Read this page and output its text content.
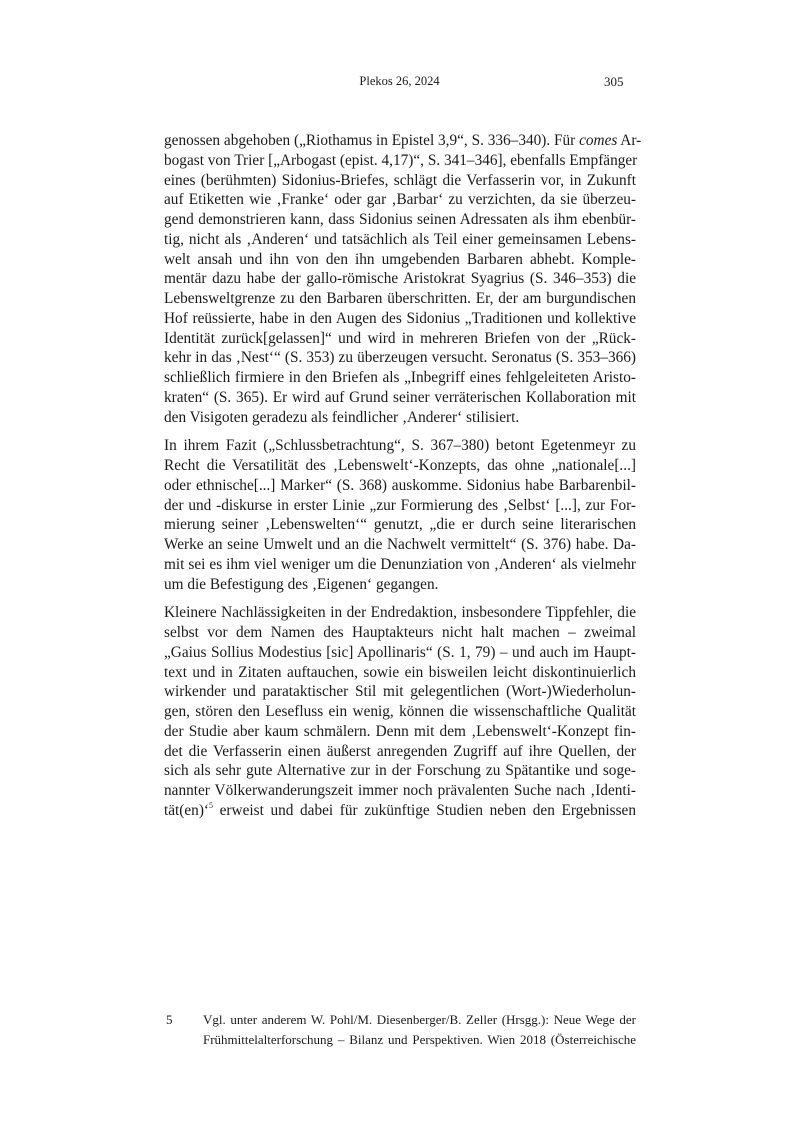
Plekos 26, 2024	305
genossen abgehoben („Riothamus in Epistel 3,9“, S. 336–340). Für comes Ar-
bogast von Trier [„Arbogast (epist. 4,17)“, S. 341–346], ebenfalls Empfänger
eines (berühmten) Sidonius-Briefes, schlägt die Verfasserin vor, in Zukunft
auf Etiketten wie ‚Franke‘ oder gar ‚Barbar‘ zu verzichten, da sie überzeu-
gend demonstrieren kann, dass Sidonius seinen Adressaten als ihm ebenbür-
tig, nicht als ‚Anderen‘ und tatsächlich als Teil einer gemeinsamen Lebens-
welt ansah und ihn von den ihn umgebenden Barbaren abhebt. Komple-
mentär dazu habe der gallo-römische Aristokrat Syagrius (S. 346–353) die
Lebensweltgrenze zu den Barbaren überschritten. Er, der am burgundischen
Hof reüssierte, habe in den Augen des Sidonius „Traditionen und kollektive
Identität zurück[gelassen]“ und wird in mehreren Briefen von der „Rück-
kehr in das ‚Nest‘“ (S. 353) zu überzeugen versucht. Seronatus (S. 353–366)
schließlich firmiere in den Briefen als „Inbegriff eines fehlgeleiteten Aristo-
kraten“ (S. 365). Er wird auf Grund seiner verräterischen Kollaboration mit
den Visigoten geradezu als feindlicher ‚Anderer‘ stilisiert.
In ihrem Fazit („Schlussbetrachtung“, S. 367–380) betont Egetenmeyr zu
Recht die Versatilität des ‚Lebenswelt‘-Konzepts, das ohne „nationale[...]
oder ethnische[...] Marker“ (S. 368) auskomme. Sidonius habe Barbarenbil-
der und -diskurse in erster Linie „zur Formierung des ‚Selbst‘ [...], zur For-
mierung seiner ‚Lebenswelten‘“ genutzt, „die er durch seine literarischen
Werke an seine Umwelt und an die Nachwelt vermittelt“ (S. 376) habe. Da-
mit sei es ihm viel weniger um die Denunziation von ‚Anderen‘ als vielmehr
um die Befestigung des ‚Eigenen‘ gegangen.
Kleinere Nachlässigkeiten in der Endredaktion, insbesondere Tippfehler, die
selbst vor dem Namen des Hauptakteurs nicht halt machen – zweimal
„Gaius Sollius Modestius [sic] Apollinaris“ (S. 1, 79) – und auch im Haupt-
text und in Zitaten auftauchen, sowie ein bisweilen leicht diskontinuierlich
wirkender und parataktischer Stil mit gelegentlichen (Wort-)Wiederholun-
gen, stören den Lesefluss ein wenig, können die wissenschaftliche Qualität
der Studie aber kaum schmälern. Denn mit dem ‚Lebenswelt‘-Konzept fin-
det die Verfasserin einen äußerst anregenden Zugriff auf ihre Quellen, der
sich als sehr gute Alternative zur in der Forschung zu Spätantike und soge-
nannter Völkerwanderungszeit immer noch prävalenten Suche nach ‚Identi-
tät(en)‘$^5$ erweist und dabei für zukünftige Studien neben den Ergebnissen
5 Vgl. unter anderem W. Pohl/M. Diesenberger/B. Zeller (Hrsgg.): Neue Wege der
Frühmittelalterforschung – Bilanz und Perspektiven. Wien 2018 (Österreichische
